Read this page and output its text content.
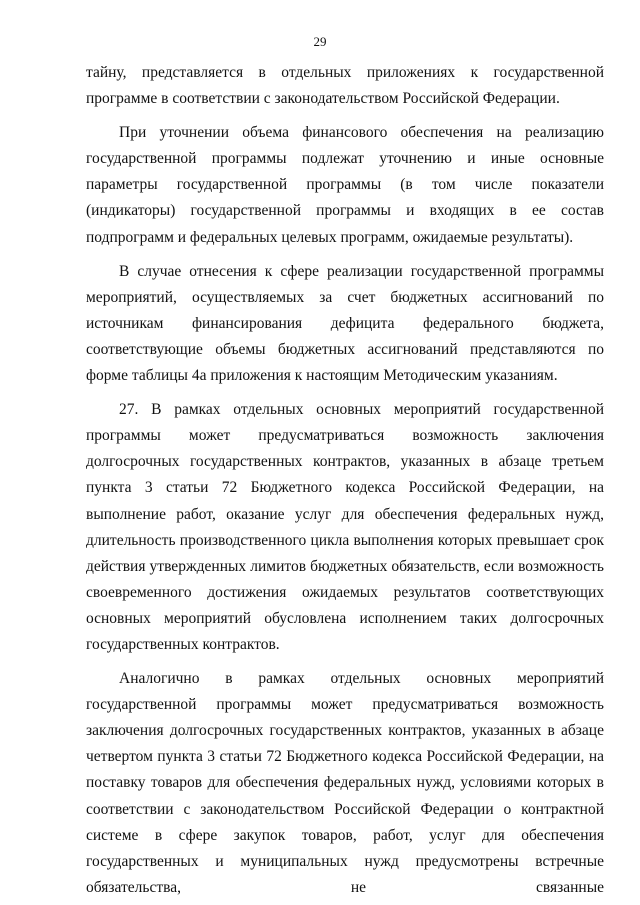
29

тайну, представляется в отдельных приложениях к государственной программе в соответствии с законодательством Российской Федерации.

При уточнении объема финансового обеспечения на реализацию государственной программы подлежат уточнению и иные основные параметры государственной программы (в том числе показатели (индикаторы) государственной программы и входящих в ее состав подпрограмм и федеральных целевых программ, ожидаемые результаты).

В случае отнесения к сфере реализации государственной программы мероприятий, осуществляемых за счет бюджетных ассигнований по источникам финансирования дефицита федерального бюджета, соответствующие объемы бюджетных ассигнований представляются по форме таблицы 4а приложения к настоящим Методическим указаниям.

27. В рамках отдельных основных мероприятий государственной программы может предусматриваться возможность заключения долгосрочных государственных контрактов, указанных в абзаце третьем пункта 3 статьи 72 Бюджетного кодекса Российской Федерации, на выполнение работ, оказание услуг для обеспечения федеральных нужд, длительность производственного цикла выполнения которых превышает срок действия утвержденных лимитов бюджетных обязательств, если возможность своевременного достижения ожидаемых результатов соответствующих основных мероприятий обусловлена исполнением таких долгосрочных государственных контрактов.

Аналогично в рамках отдельных основных мероприятий государственной программы может предусматриваться возможность заключения долгосрочных государственных контрактов, указанных в абзаце четвертом пункта 3 статьи 72 Бюджетного кодекса Российской Федерации, на поставку товаров для обеспечения федеральных нужд, условиями которых в соответствии с законодательством Российской Федерации о контрактной системе в сфере закупок товаров, работ, услуг для обеспечения государственных и муниципальных нужд предусмотрены встречные обязательства, не связанные
